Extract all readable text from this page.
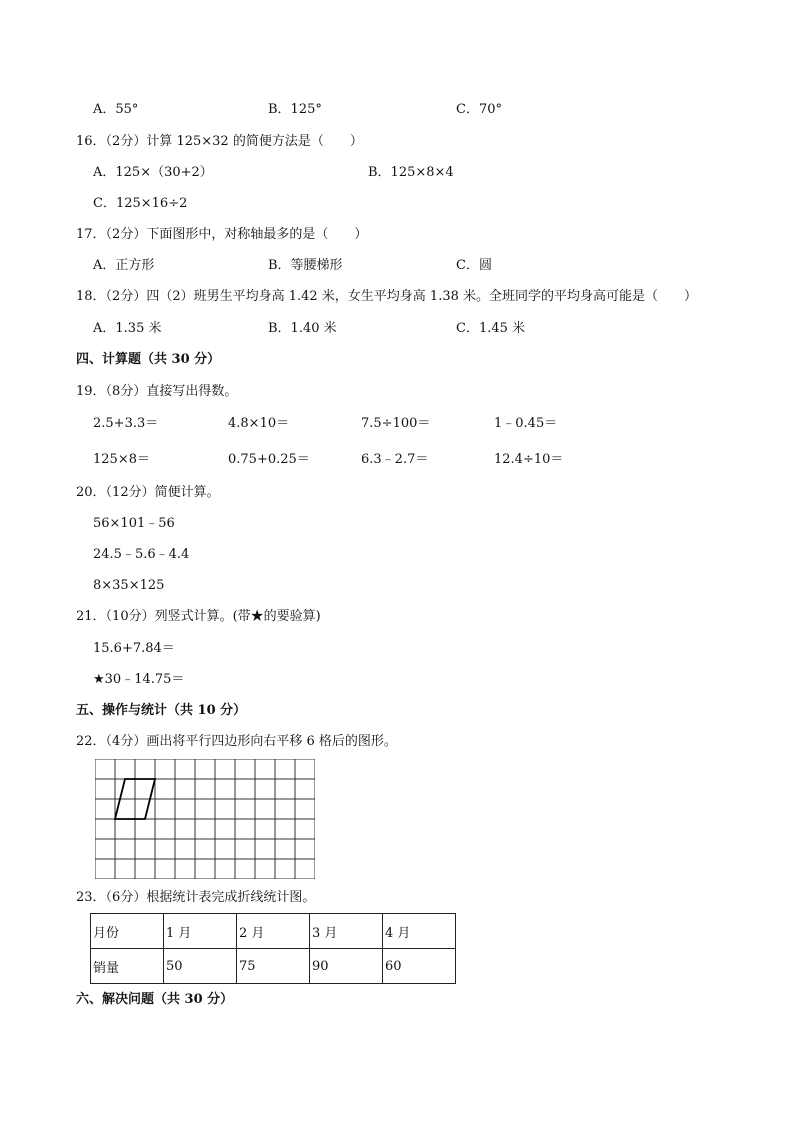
A．55°	B．125°	C．70°
16．（2分）计算 125×32 的简便方法是（　　）
A．125×（30+2）	B．125×8×4
C．125×16÷2
17．（2分）下面图形中，对称轴最多的是（　　）
A．正方形	B．等腰梯形	C．圆
18．（2分）四（2）班男生平均身高 1.42 米，女生平均身高 1.38 米。全班同学的平均身高可能是（　　）
A．1.35 米	B．1.40 米	C．1.45 米
四、计算题（共 30 分）
19．（8分）直接写出得数。
2.5+3.3＝	4.8×10＝	7.5÷100＝	1﹣0.45＝
125×8＝	0.75+0.25＝	6.3﹣2.7＝	12.4÷10＝
20．（12分）简便计算。
56×101﹣56
24.5﹣5.6﹣4.4
8×35×125
21．（10分）列竖式计算。(带★的要验算)
15.6+7.84＝
★30﹣14.75＝
五、操作与统计（共 10 分）
22．（4分）画出将平行四边形向右平移 6 格后的图形。
23．（6分）根据统计表完成折线统计图。
月份	1 月	2 月	3 月	4 月
销量	50	75	90	60
六、解决问题（共 30 分）
